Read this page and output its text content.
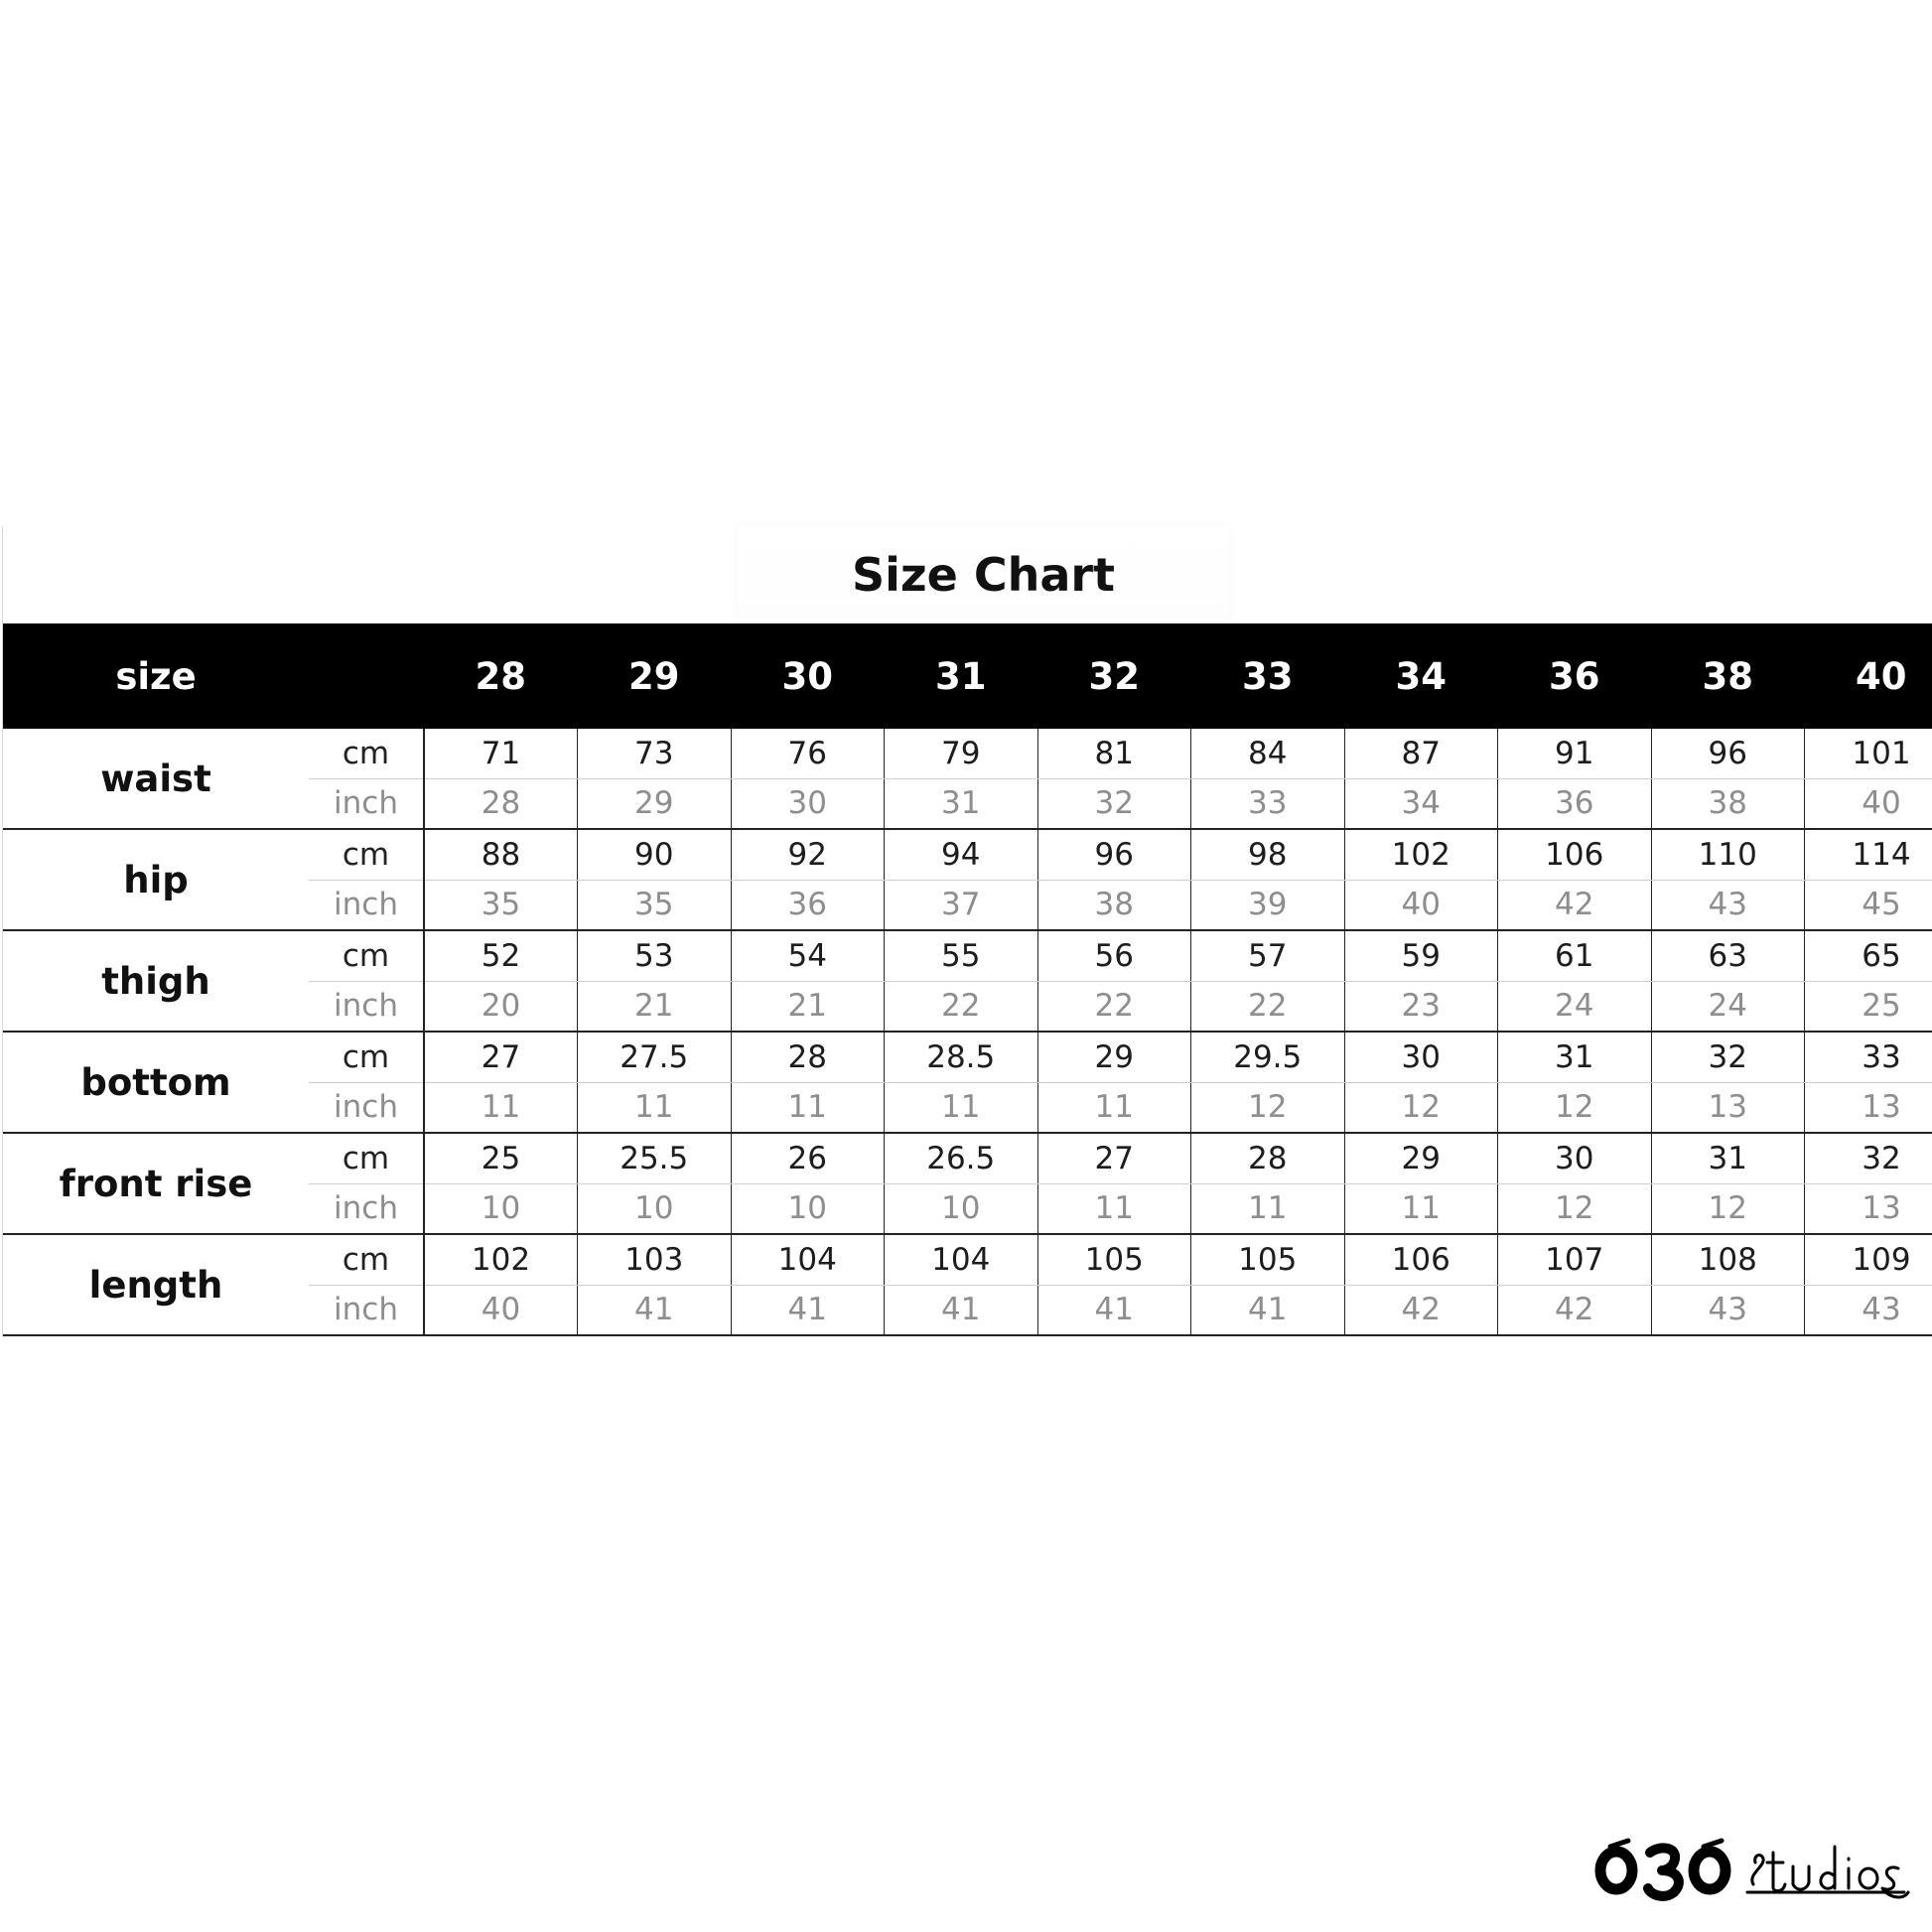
Size Chart
size		28	29	30	31	32	33	34	36	38	40
waist	cm	71	73	76	79	81	84	87	91	96	101
	inch	28	29	30	31	32	33	34	36	38	40
hip	cm	88	90	92	94	96	98	102	106	110	114
	inch	35	35	36	37	38	39	40	42	43	45
thigh	cm	52	53	54	55	56	57	59	61	63	65
	inch	20	21	21	22	22	22	23	24	24	25
bottom	cm	27	27.5	28	28.5	29	29.5	30	31	32	33
	inch	11	11	11	11	11	12	12	12	13	13
front rise	cm	25	25.5	26	26.5	27	28	29	30	31	32
	inch	10	10	10	10	11	11	11	12	12	13
length	cm	102	103	104	104	105	105	106	107	108	109
	inch	40	41	41	41	41	41	42	42	43	43
